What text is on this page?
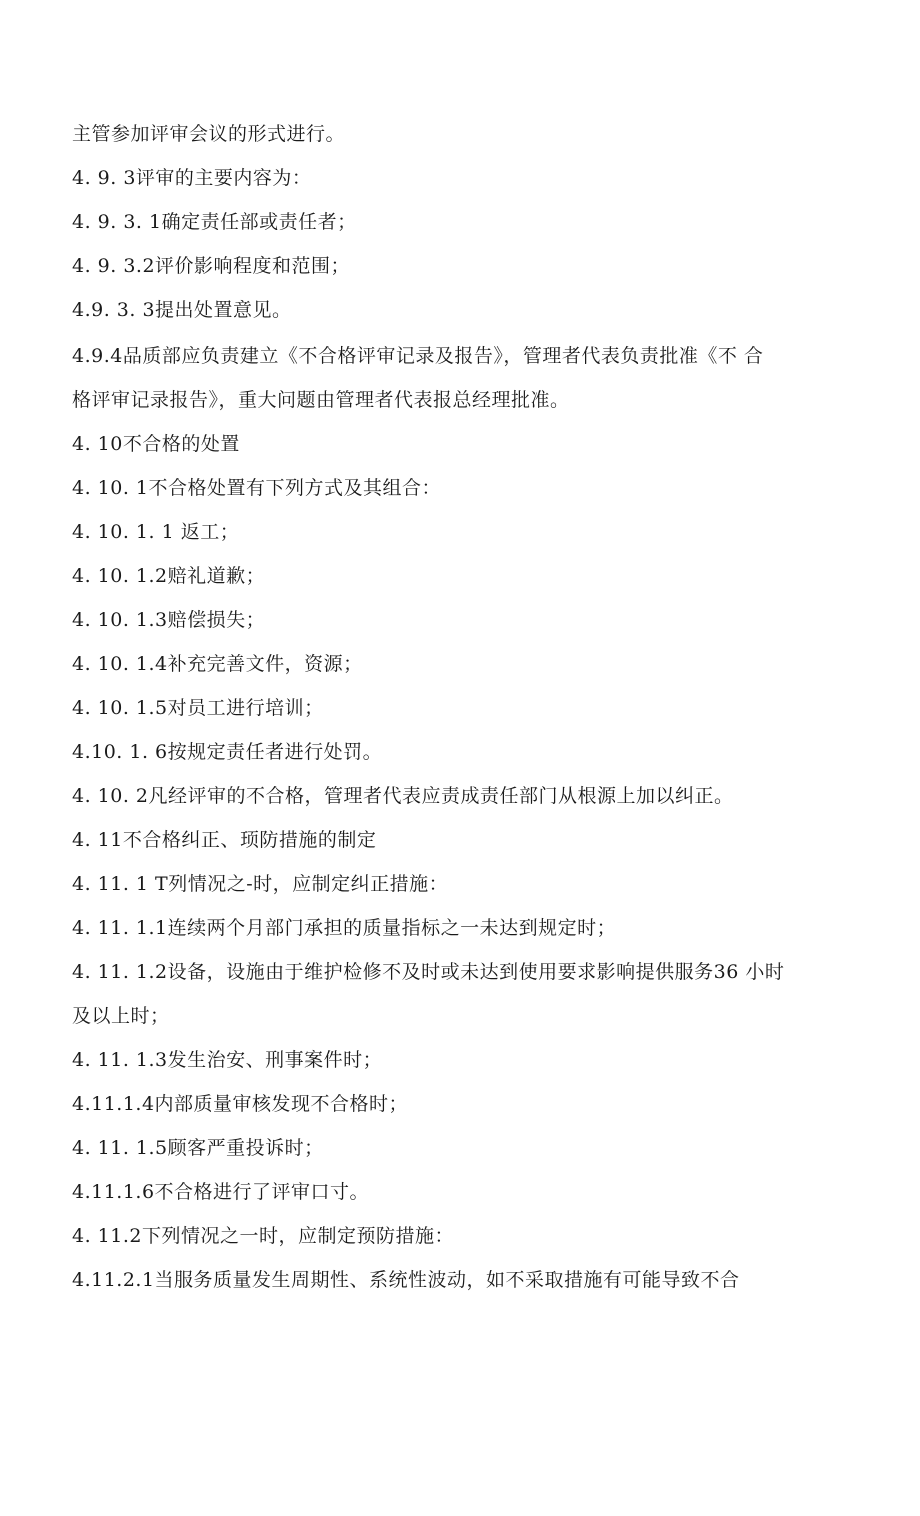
主管参加评审会议的形式进行。
4. 9. 3评审的主要内容为：
4. 9. 3. 1确定责任部或责任者；
4. 9. 3.2评价影响程度和范围；
4.9. 3. 3提出处置意见。
4.9.4品质部应负责建立《不合格评审记录及报告》，管理者代表负责批准《不 合
格评审记录报告》，重大问题由管理者代表报总经理批准。
4. 10不合格的处置
4. 10. 1不合格处置有下列方式及其组合：
4. 10. 1. 1 返工；
4. 10. 1.2赔礼道歉；
4. 10. 1.3赔偿损失；
4. 10. 1.4补充完善文件，资源；
4. 10. 1.5对员工进行培训；
4.10. 1. 6按规定责任者进行处罚。
4. 10. 2凡经评审的不合格，管理者代表应责成责任部门从根源上加以纠正。
4. 11不合格纠正、顼防措施的制定
4. 11. 1 T列情况之-时，应制定纠正措施：
4. 11. 1.1连续两个月部门承担的质量指标之一未达到规定时；
4. 11. 1.2设备，设施由于维护检修不及时或未达到使用要求影响提供服务36 小时
及以上时；
4. 11. 1.3发生治安、刑事案件时；
4.11.1.4内部质量审核发现不合格时；
4. 11. 1.5顾客严重投诉时；
4.11.1.6不合格进行了评审口寸。
4. 11.2下列情况之一时，应制定预防措施：
4.11.2.1当服务质量发生周期性、系统性波动，如不采取措施有可能导致不合
